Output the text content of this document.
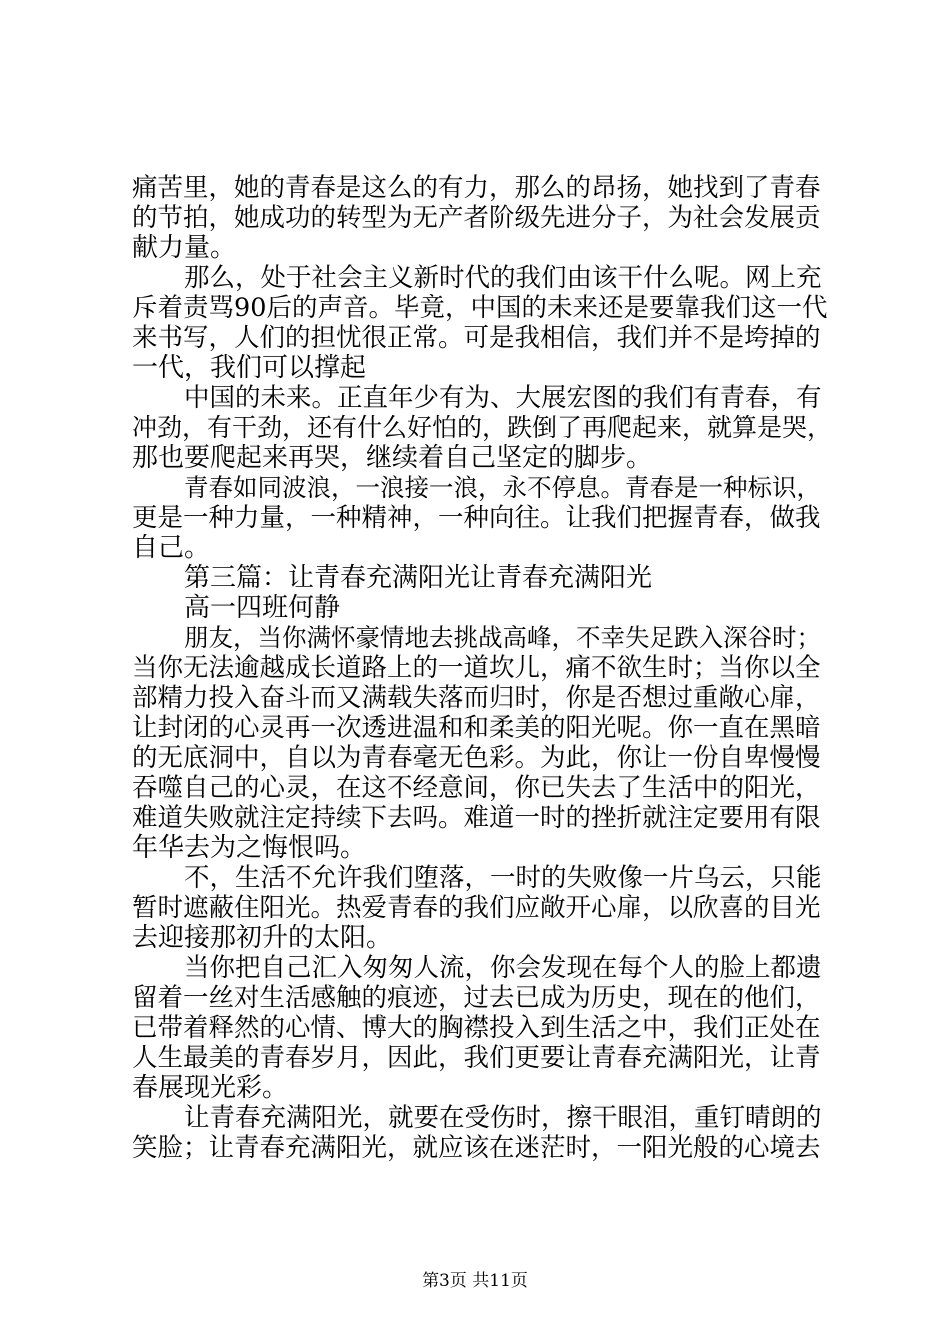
痛苦里，她的青春是这么的有力，那么的昂扬，她找到了青春
的节拍，她成功的转型为无产者阶级先进分子，为社会发展贡
献力量。
那么，处于社会主义新时代的我们由该干什么呢。网上充
斥着责骂90后的声音。毕竟，中国的未来还是要靠我们这一代
来书写，人们的担忧很正常。可是我相信，我们并不是垮掉的
一代，我们可以撑起
中国的未来。正直年少有为、大展宏图的我们有青春，有
冲劲，有干劲，还有什么好怕的，跌倒了再爬起来，就算是哭，
那也要爬起来再哭，继续着自己坚定的脚步。
青春如同波浪，一浪接一浪，永不停息。青春是一种标识，
更是一种力量，一种精神，一种向往。让我们把握青春，做我
自己。
第三篇：让青春充满阳光让青春充满阳光
高一四班何静
朋友，当你满怀豪情地去挑战高峰，不幸失足跌入深谷时；
当你无法逾越成长道路上的一道坎儿，痛不欲生时；当你以全
部精力投入奋斗而又满载失落而归时，你是否想过重敞心扉，
让封闭的心灵再一次透进温和和柔美的阳光呢。你一直在黑暗
的无底洞中，自以为青春毫无色彩。为此，你让一份自卑慢慢
吞噬自己的心灵，在这不经意间，你已失去了生活中的阳光，
难道失败就注定持续下去吗。难道一时的挫折就注定要用有限
年华去为之悔恨吗。
不，生活不允许我们堕落，一时的失败像一片乌云，只能
暂时遮蔽住阳光。热爱青春的我们应敞开心扉，以欣喜的目光
去迎接那初升的太阳。
当你把自己汇入匆匆人流，你会发现在每个人的脸上都遗
留着一丝对生活感触的痕迹，过去已成为历史，现在的他们，
已带着释然的心情、博大的胸襟投入到生活之中，我们正处在
人生最美的青春岁月，因此，我们更要让青春充满阳光，让青
春展现光彩。
让青春充满阳光，就要在受伤时，擦干眼泪，重钉晴朗的
笑脸；让青春充满阳光，就应该在迷茫时，一阳光般的心境去
第3页 共11页
